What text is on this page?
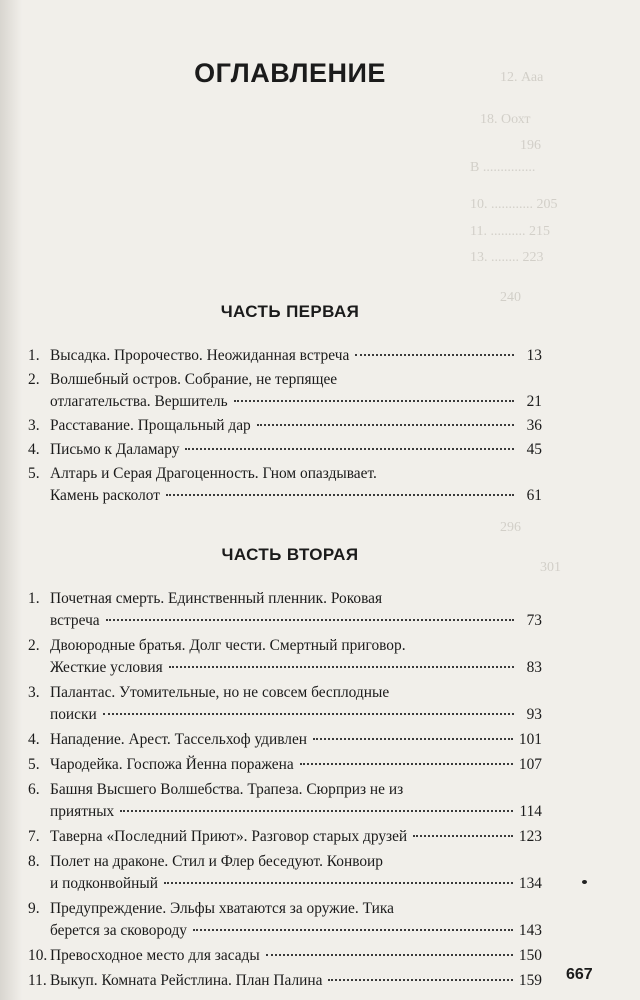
12. Ааа
18. Оохт
196
В ...............
10. ............ 205
11. .......... 215
13. ........ 223
240
296
301
ОГЛАВЛЕНИЕ
ЧАСТЬ ПЕРВАЯ
1. Высадка. Пророчество. Неожиданная встреча	13
2. Волшебный остров. Собрание, не терпящее
отлагательства. Вершитель	21
3. Расставание. Прощальный дар	36
4. Письмо к Даламару	45
5. Алтарь и Серая Драгоценность. Гном опаздывает.
Камень расколот	61
ЧАСТЬ ВТОРАЯ
1. Почетная смерть. Единственный пленник. Роковая
встреча	73
2. Двоюродные братья. Долг чести. Смертный приговор.
Жесткие условия	83
3. Палантас. Утомительные, но не совсем бесплодные
поиски	93
4. Нападение. Арест. Тассельхоф удивлен	101
5. Чародейка. Госпожа Йенна поражена	107
6. Башня Высшего Волшебства. Трапеза. Сюрприз не из
приятных	114
7. Таверна «Последний Приют». Разговор старых друзей	123
8. Полет на драконе. Стил и Флер беседуют. Конвоир
и подконвойный	134
9. Предупреждение. Эльфы хватаются за оружие. Тика
берется за сковороду	143
10. Превосходное место для засады	150
11. Выкуп. Комната Рейстлина. План Палина	159 667
